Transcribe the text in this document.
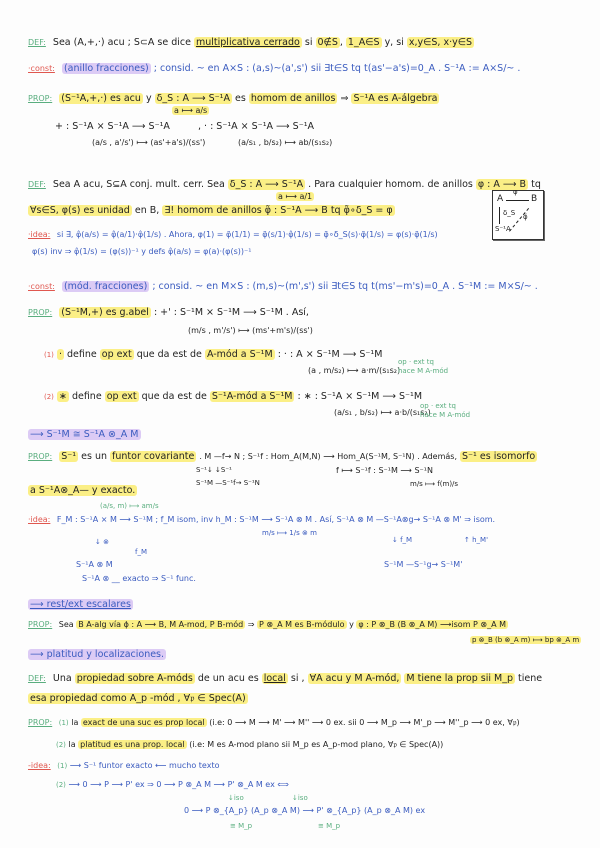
DEF: Sea (A,+,·) acu ; S⊂A se dice multiplicativa cerrado si 0∉S , 1_A∈S y, si x,y∈S, x·y∈S
·const: (anillo fracciones) ; consid. ~ en A×S : (a,s)~(a',s') sii ∃t∈S tq t(as'−a's)=0_A . S⁻¹A := A×S/~ .
PROP: (S⁻¹A,+,·) es acu y δ_S : A ⟶ S⁻¹A es homom de anillos ⇒ S⁻¹A es A-álgebra
a ⟼ a/s
+ : S⁻¹A × S⁻¹A ⟶ S⁻¹A
(a/s , a'/s') ⟼ (as'+a's)/(ss')
, · : S⁻¹A × S⁻¹A ⟶ S⁻¹A
(a/s₁ , b/s₂) ⟼ ab/(s₁s₂)
DEF: Sea A acu, S⊆A conj. mult. cerr. Sea δ_S : A ⟶ S⁻¹A . Para cualquier homom. de anillos φ : A ⟶ B tq
a ⟼ a/1
∀s∈S, φ(s) es unidad en B, ∃! homom de anillos φ̃ : S⁻¹A ⟶ B tq φ̃∘δ_S = φ
A	B
φ
S⁻¹A
δ_S φ̃
·idea: si ∃, φ̂(a/s) = φ̂(a/1)·φ̂(1/s) . Ahora, φ(1) = φ̃(1/1) = φ̃(s/1)·φ̂(1/s) = φ̃∘δ_S(s)·φ̃(1/s) = φ(s)·φ̃(1/s)
φ(s) inv ⇒ φ̂(1/s) = (φ(s))⁻¹ y defs φ̂(a/s) = φ(a)·(φ(s))⁻¹
·const: (mód. fracciones) ; consid. ~ en M×S : (m,s)~(m',s') sii ∃t∈S tq t(ms'−m's)=0_A . S⁻¹M := M×S/~ .
PROP: (S⁻¹M,+) es g.abel : +' : S⁻¹M × S⁻¹M ⟶ S⁻¹M . Así,
(m/s , m'/s') ⟼ (ms'+m's)/(ss')
(1) · define op ext que da est de A-mód a S⁻¹M : · : A × S⁻¹M ⟶ S⁻¹M
(a , m/s₂) ⟼ a·m/(s₁s₂)
op · ext tq
hace M A-mód
(2) ∗ define op ext que da est de S⁻¹A-mód a S⁻¹M : ∗ : S⁻¹A × S⁻¹M ⟶ S⁻¹M
(a/s₁ , b/s₂) ⟼ a·b/(s₁s₂)
op · ext tq
hace M A-mód
⟶ S⁻¹M ≅ S⁻¹A ⊗_A M
PROP: S⁻¹ es un funtor covariante . M —f→ N ; S⁻¹f : Hom_A(M,N) ⟶ Hom_A(S⁻¹M, S⁻¹N) . Además, S⁻¹ es isomorfo
S⁻¹↓ ↓S⁻¹
S⁻¹M —S⁻¹f→ S⁻¹N
f ⟼ S⁻¹f : S⁻¹M ⟶ S⁻¹N
m/s ⟼ f(m)/s
a S⁻¹A⊗_A— y exacto.
(a/s, m) ⟼ am/s
·idea: F_M : S⁻¹A × M ⟶ S⁻¹M ; f_M isom, inv h_M : S⁻¹M ⟶ S⁻¹A ⊗ M . Así, S⁻¹A ⊗ M —S⁻¹A⊗g→ S⁻¹A ⊗ M' ⇒ isom.
m/s ⟼ 1/s ⊗ m
↓ ⊗
f_M
S⁻¹A ⊗ M
↓ f_M	↑ h_M'
S⁻¹M —S⁻¹g→ S⁻¹M'
S⁻¹A ⊗ __ exacto ⇒ S⁻¹ func.
⟶ rest/ext escalares
PROP: Sea B A-alg vía ϕ : A ⟶ B, M A-mod, P B-mód ⇒ P ⊗_A M es B-módulo y φ : P ⊗_B (B ⊗_A M) ⟶isom P ⊗_A M
p ⊗_B (b ⊗_A m) ⟼ bp ⊗_A m
⟶ platitud y localizaciones.
DEF: Una propiedad sobre A-móds de un acu es local si , ∀A acu y M A-mód, M tiene la prop sii M_p tiene
esa propiedad como A_p -mód , ∀𝔭 ∈ Spec(A)
PROP: (1) la exact de una suc es prop local (i.e: 0 ⟶ M ⟶ M' ⟶ M'' ⟶ 0 ex. sii 0 ⟶ M_p ⟶ M'_p ⟶ M''_p ⟶ 0 ex, ∀𝔭)
(2) la platitud es una prop. local (i.e: M es A-mod plano sii M_p es A_p-mod plano, ∀𝔭 ∈ Spec(A))
-idea: (1) ⟶ S⁻¹ funtor exacto ⟵ mucho texto
(2) ⟶ 0 ⟶ P ⟶ P' ex ⇒ 0 ⟶ P ⊗_A M ⟶ P' ⊗_A M ex ⟺
↓iso	↓iso
0 ⟶ P ⊗_{A_p} (A_p ⊗_A M) ⟶ P' ⊗_{A_p} (A_p ⊗_A M) ex
≅ M_p	≅ M_p
